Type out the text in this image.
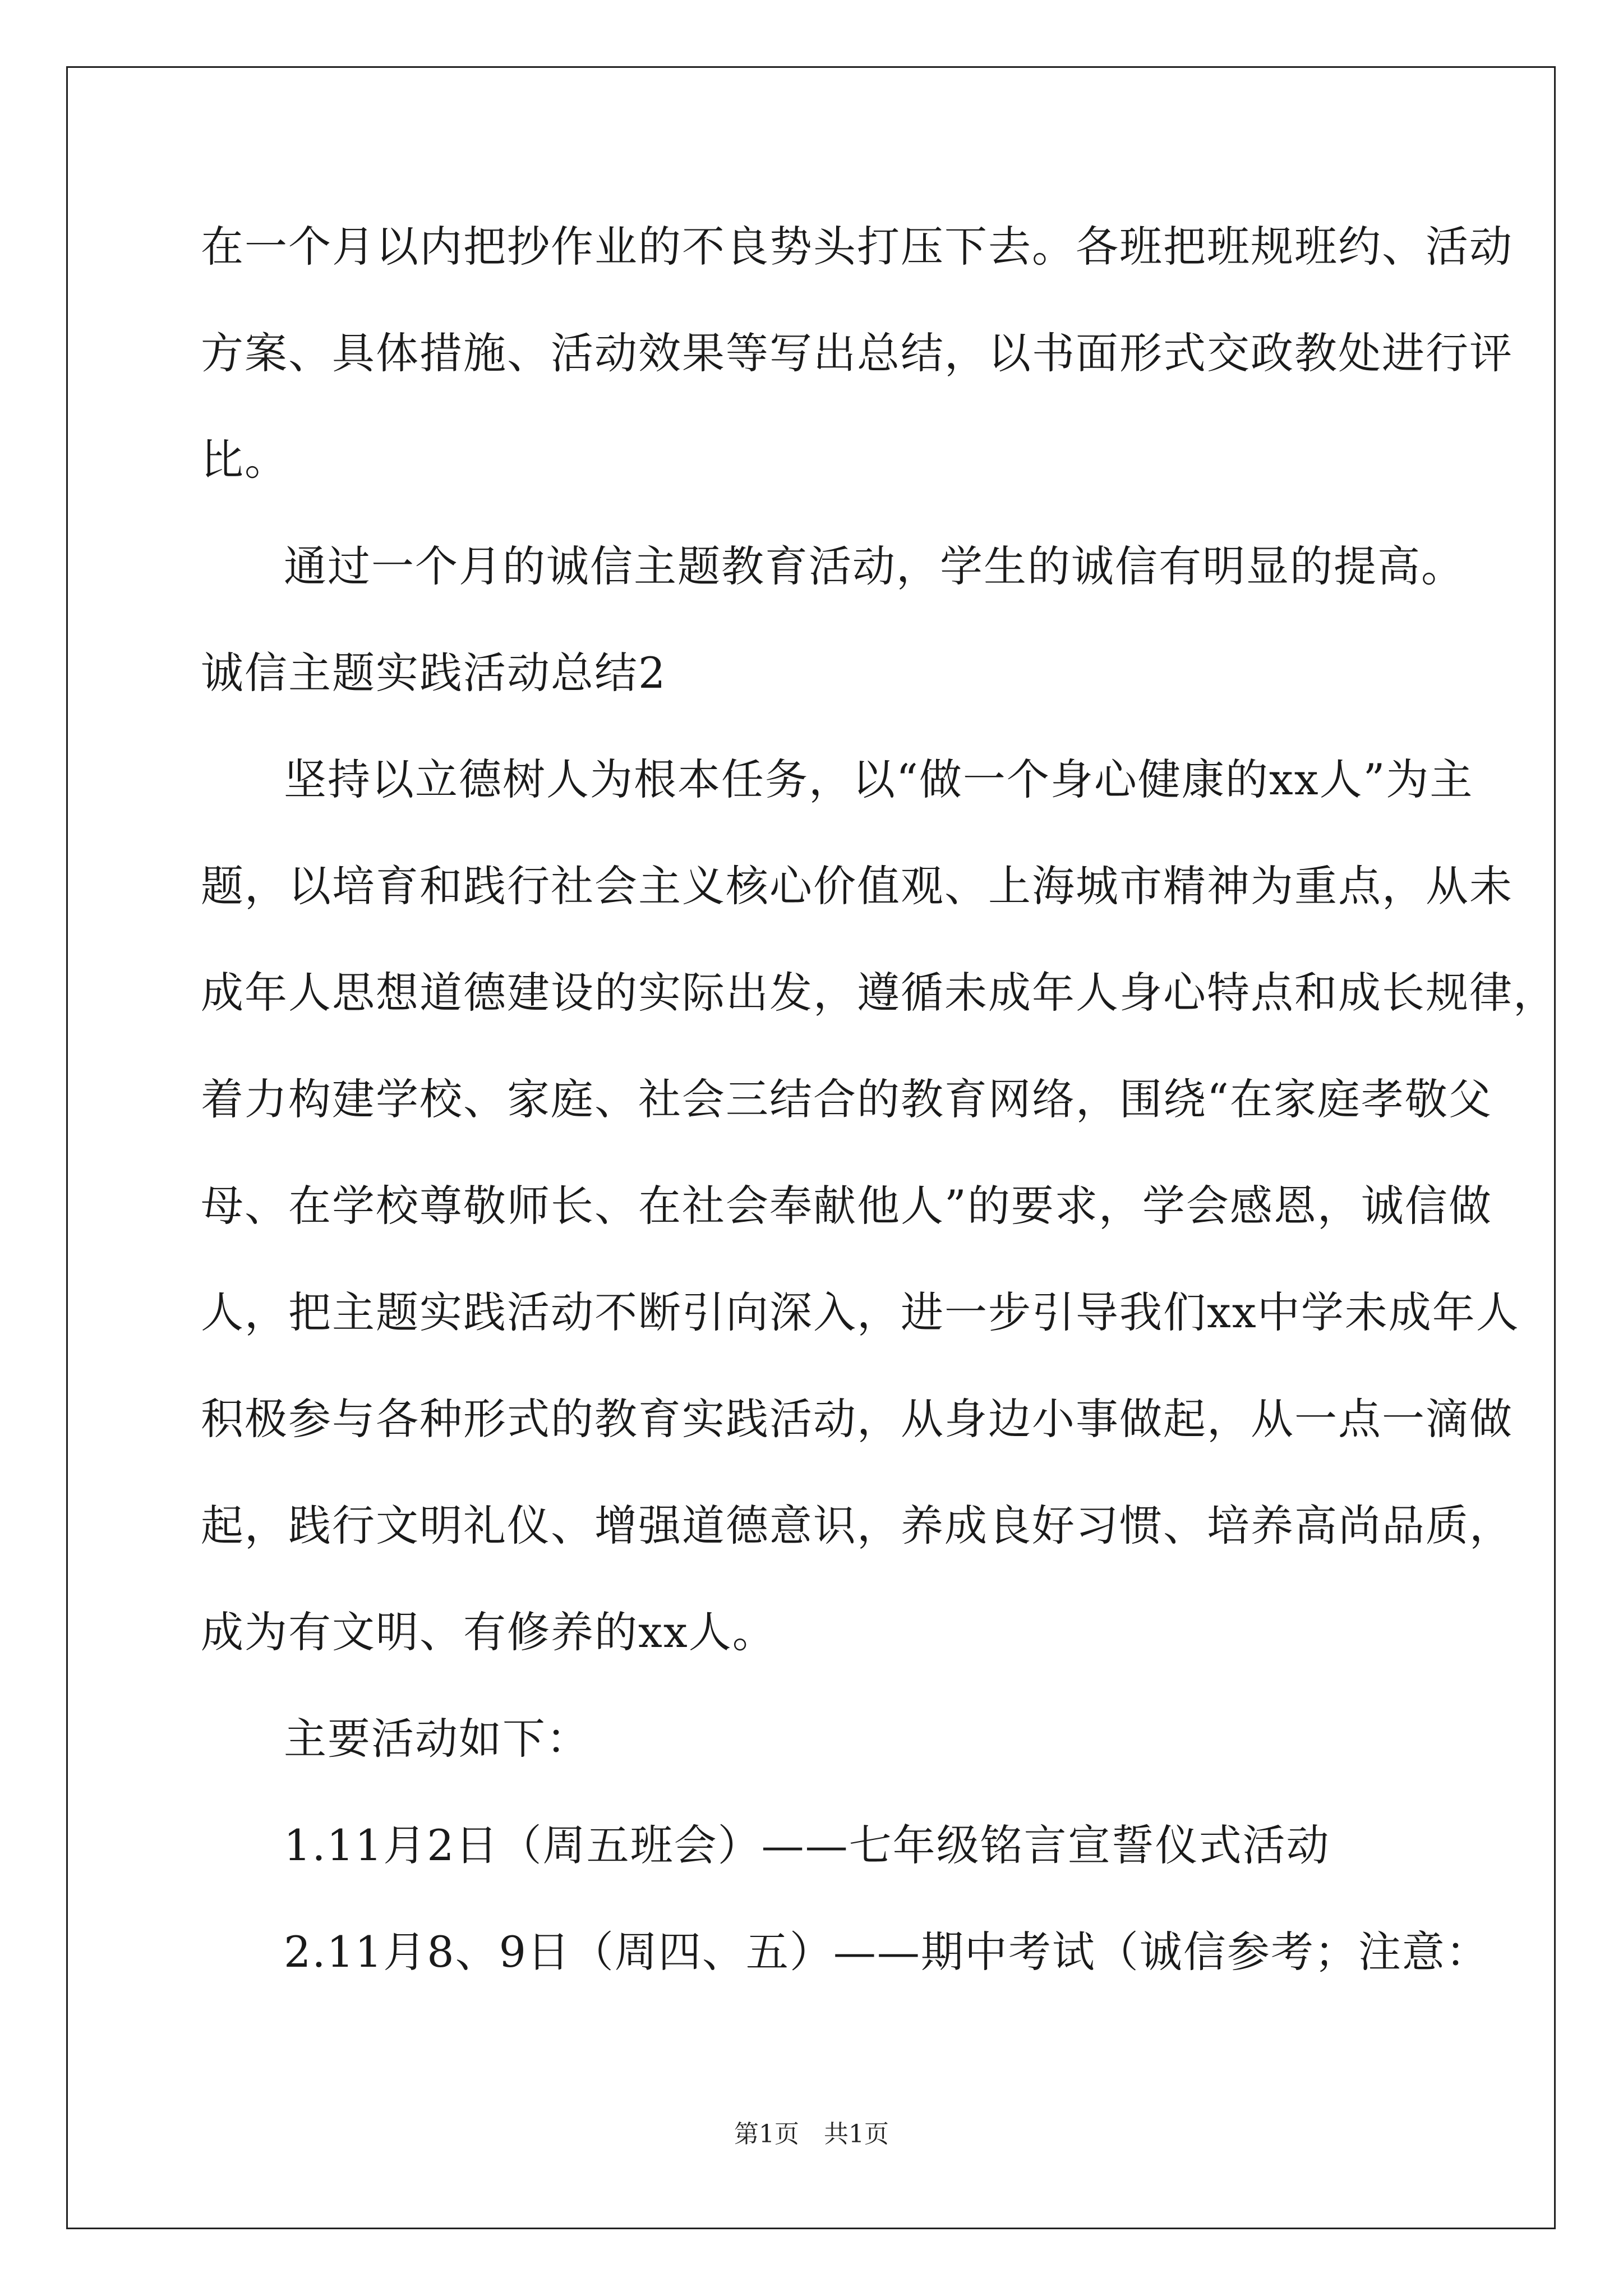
在一个月以内把抄作业的不良势头打压下去。各班把班规班约、活动
方案、具体措施、活动效果等写出总结，以书面形式交政教处进行评
比。
通过一个月的诚信主题教育活动，学生的诚信有明显的提高。
诚信主题实践活动总结2
坚持以立德树人为根本任务，以“做一个身心健康的xx人”为主
题，以培育和践行社会主义核心价值观、上海城市精神为重点，从未
成年人思想道德建设的实际出发，遵循未成年人身心特点和成长规律，
着力构建学校、家庭、社会三结合的教育网络，围绕“在家庭孝敬父
母、在学校尊敬师长、在社会奉献他人”的要求，学会感恩，诚信做
人，把主题实践活动不断引向深入，进一步引导我们xx中学未成年人
积极参与各种形式的教育实践活动，从身边小事做起，从一点一滴做
起，践行文明礼仪、增强道德意识，养成良好习惯、培养高尚品质，
成为有文明、有修养的xx人。
主要活动如下：
1.11月2日（周五班会）——七年级铭言宣誓仪式活动
2.11月8、9日（周四、五）——期中考试（诚信参考；注意：
第1页　共1页
